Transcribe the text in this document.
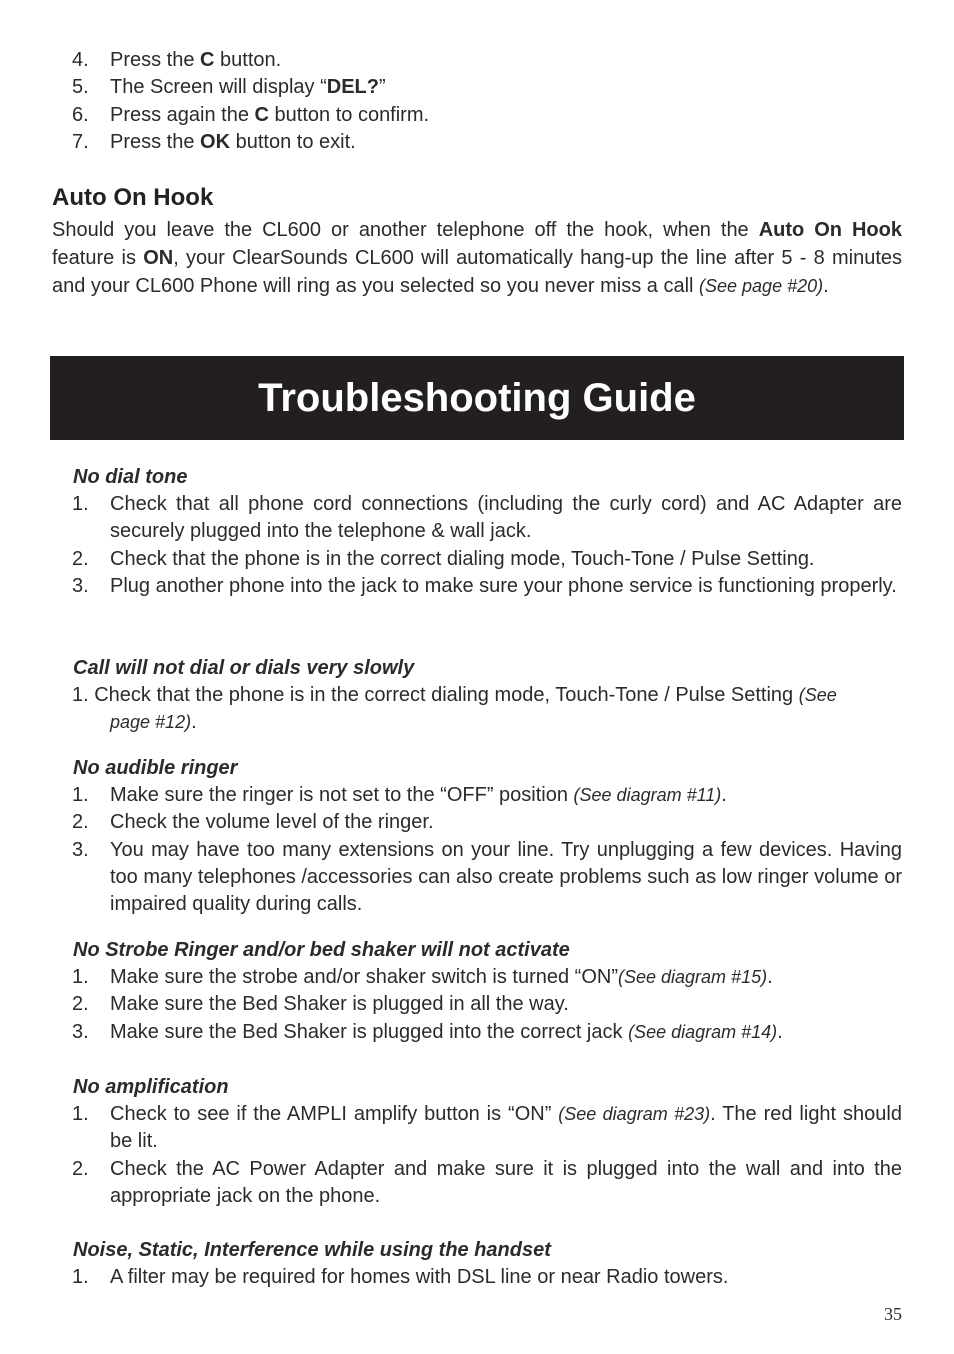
4. Press the C button.
5. The Screen will display “DEL?”
6. Press again the C button to confirm.
7. Press the OK button to exit.
Auto On Hook

Should you leave the CL600 or another telephone off the hook, when the Auto On Hook feature is ON, your ClearSounds CL600 will automatically hang-up the line after 5 - 8 minutes and your CL600 Phone will ring as you selected so you never miss a call (See page #20).

Troubleshooting Guide
No dial tone
1. Check that all phone cord connections (including the curly cord) and AC Adapter are securely plugged into the telephone & wall jack.
2. Check that the phone is in the correct dialing mode, Touch-Tone / Pulse Setting.
3. Plug another phone into the jack to make sure your phone service is functioning properly.
Call will not dial or dials very slowly

1. Check that the phone is in the correct dialing mode, Touch-Tone / Pulse Setting (See
page #12).

No audible ringer
1. Make sure the ringer is not set to the “OFF” position (See diagram #11).
2. Check the volume level of the ringer.
3. You may have too many extensions on your line. Try unplugging a few devices. Having too many telephones /accessories can also create problems such as low ringer volume or impaired quality during calls.
No Strobe Ringer and/or bed shaker will not activate
1. Make sure the strobe and/or shaker switch is turned “ON”(See diagram #15).
2. Make sure the Bed Shaker is plugged in all the way.
3. Make sure the Bed Shaker is plugged into the correct jack (See diagram #14).
No amplification
1. Check to see if the AMPLI amplify button is “ON” (See diagram #23). The red light should be lit.
2. Check the AC Power Adapter and make sure it is plugged into the wall and into the appropriate jack on the phone.
Noise, Static, Interference while using the handset
1. A filter may be required for homes with DSL line or near Radio towers.
35
